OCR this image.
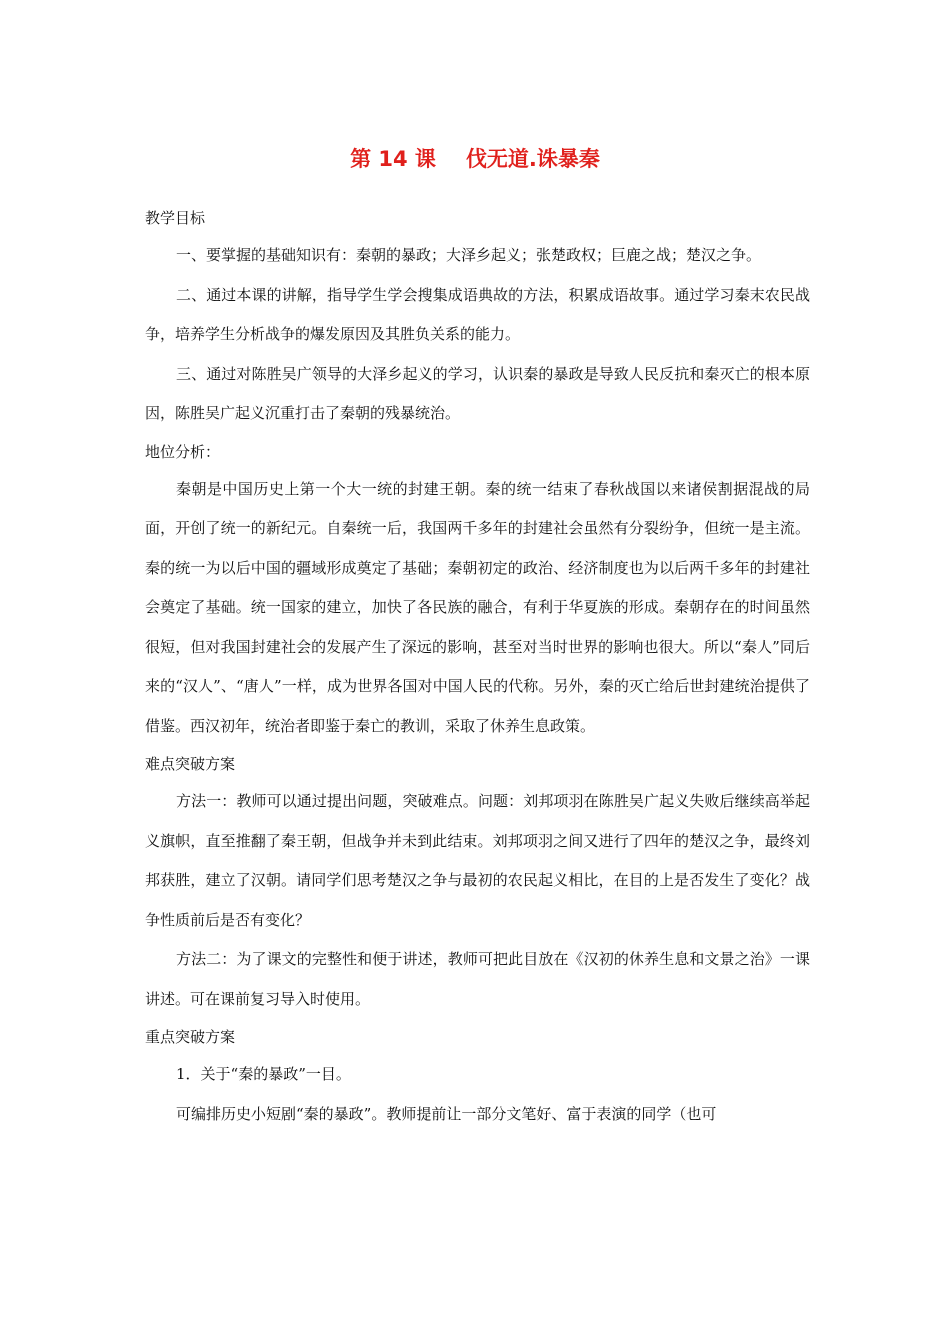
第 14 课 伐无道.诛暴秦

教学目标

一、要掌握的基础知识有：秦朝的暴政；大泽乡起义；张楚政权；巨鹿之战；楚汉之争。

二、通过本课的讲解，指导学生学会搜集成语典故的方法，积累成语故事。通过学习秦末农民战争，培养学生分析战争的爆发原因及其胜负关系的能力。

三、通过对陈胜吴广领导的大泽乡起义的学习，认识秦的暴政是导致人民反抗和秦灭亡的根本原因，陈胜吴广起义沉重打击了秦朝的残暴统治。

地位分析：

秦朝是中国历史上第一个大一统的封建王朝。秦的统一结束了春秋战国以来诸侯割据混战的局面，开创了统一的新纪元。自秦统一后，我国两千多年的封建社会虽然有分裂纷争，但统一是主流。秦的统一为以后中国的疆域形成奠定了基础；秦朝初定的政治、经济制度也为以后两千多年的封建社会奠定了基础。统一国家的建立，加快了各民族的融合，有利于华夏族的形成。秦朝存在的时间虽然很短，但对我国封建社会的发展产生了深远的影响，甚至对当时世界的影响也很大。所以“秦人”同后来的“汉人”、“唐人”一样，成为世界各国对中国人民的代称。另外，秦的灭亡给后世封建统治提供了借鉴。西汉初年，统治者即鉴于秦亡的教训，采取了休养生息政策。

难点突破方案

方法一：教师可以通过提出问题，突破难点。问题：刘邦项羽在陈胜吴广起义失败后继续高举起义旗帜，直至推翻了秦王朝，但战争并未到此结束。刘邦项羽之间又进行了四年的楚汉之争，最终刘邦获胜，建立了汉朝。请同学们思考楚汉之争与最初的农民起义相比，在目的上是否发生了变化？战争性质前后是否有变化？

方法二：为了课文的完整性和便于讲述，教师可把此目放在《汉初的休养生息和文景之治》一课讲述。可在课前复习导入时使用。

重点突破方案

1．关于“秦的暴政”一目。

可编排历史小短剧“秦的暴政”。教师提前让一部分文笔好、富于表演的同学（也可
